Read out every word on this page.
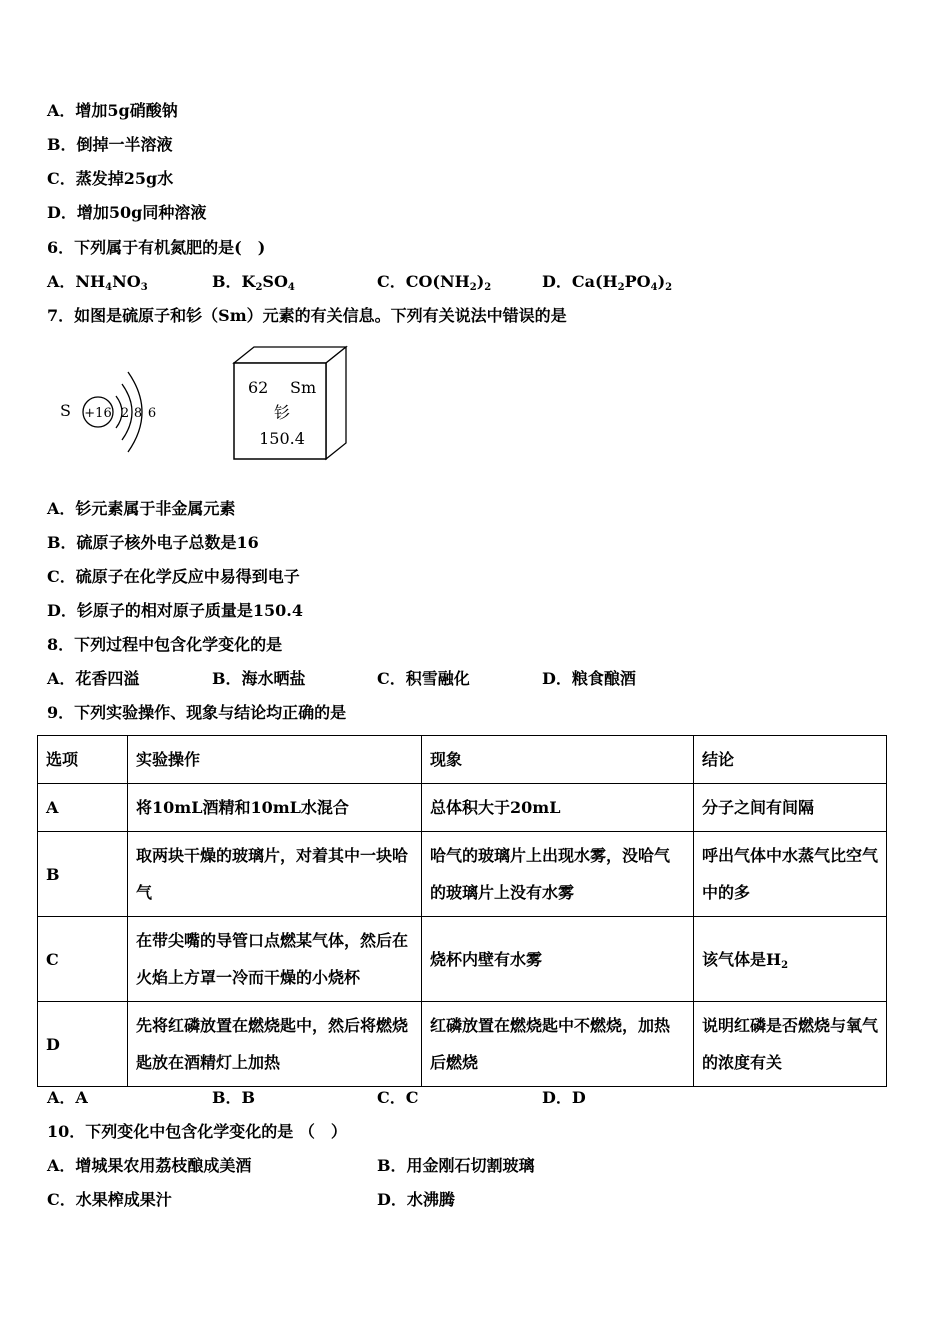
A．增加5g硝酸钠
B．倒掉一半溶液
C．蒸发掉25g水
D．增加50g同种溶液
6．下列属于有机氮肥的是(　)
A．$NH_4NO_3$	B．$K_2SO_4$	C．$CO(NH_2)_2$	D．$Ca(H_2PO_4)_2$
7．如图是硫原子和钐（Sm）元素的有关信息。下列有关说法中错误的是
S +16 2 8 6
62 Sm
钐
150.4
A．钐元素属于非金属元素
B．硫原子核外电子总数是16
C．硫原子在化学反应中易得到电子
D．钐原子的相对原子质量是150.4
8．下列过程中包含化学变化的是
A．花香四溢	B．海水晒盐	C．积雪融化	D．粮食酿酒
9．下列实验操作、现象与结论均正确的是
选项	实验操作	现象	结论
A	将10mL酒精和10mL水混合	总体积大于20mL	分子之间有间隔
B	取两块干燥的玻璃片，对着其中一块哈气	哈气的玻璃片上出现水雾，没哈气的玻璃片上没有水雾	呼出气体中水蒸气比空气中的多
C	在带尖嘴的导管口点燃某气体，然后在火焰上方罩一冷而干燥的小烧杯	烧杯内壁有水雾	该气体是$H_2$
D	先将红磷放置在燃烧匙中，然后将燃烧匙放在酒精灯上加热	红磷放置在燃烧匙中不燃烧，加热后燃烧	说明红磷是否燃烧与氧气的浓度有关
A．A	B．B	C．C	D．D
10．下列变化中包含化学变化的是 （　）
A．增城果农用荔枝酿成美酒	B．用金刚石切割玻璃
C．水果榨成果汁	D．水沸腾
